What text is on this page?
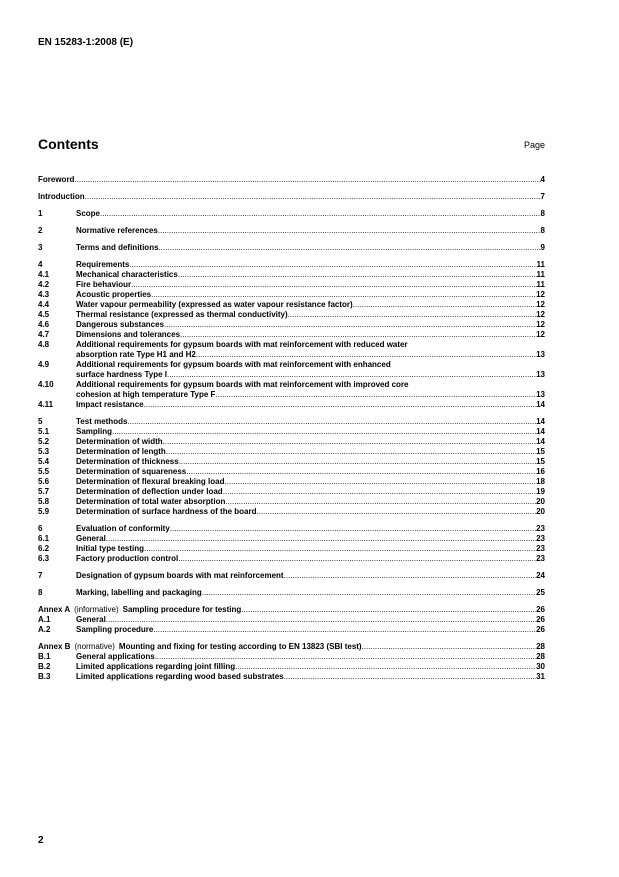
EN 15283-1:2008 (E)
Contents	Page
Foreword .....	4
Introduction .....	7
1	Scope .....	8
2	Normative references .....	8
3	Terms and definitions .....	9
4	Requirements .....	11
4.1	Mechanical characteristics .....	11
4.2	Fire behaviour .....	11
4.3	Acoustic properties .....	12
4.4	Water vapour permeability (expressed as water vapour resistance factor) .....	12
4.5	Thermal resistance (expressed as thermal conductivity) .....	12
4.6	Dangerous substances .....	12
4.7	Dimensions and tolerances .....	12
4.8	Additional requirements for gypsum boards with mat reinforcement with reduced water
absorption rate Type H1 and H2 .....	13
4.9	Additional requirements for gypsum boards with mat reinforcement with enhanced
surface hardness Type I .....	13
4.10	Additional requirements for gypsum boards with mat reinforcement with improved core
cohesion at high temperature Type F .....	13
4.11	Impact resistance .....	14
5	Test methods .....	14
5.1	Sampling .....	14
5.2	Determination of width .....	14
5.3	Determination of length .....	15
5.4	Determination of thickness .....	15
5.5	Determination of squareness .....	16
5.6	Determination of flexural breaking load .....	18
5.7	Determination of deflection under load .....	19
5.8	Determination of total water absorption .....	20
5.9	Determination of surface hardness of the board .....	20
6	Evaluation of conformity .....	23
6.1	General .....	23
6.2	Initial type testing .....	23
6.3	Factory production control .....	23
7	Designation of gypsum boards with mat reinforcement .....	24
8	Marking, labelling and packaging .....	25
Annex A (informative) Sampling procedure for testing .....	26
A.1	General .....	26
A.2	Sampling procedure .....	26
Annex B (normative) Mounting and fixing for testing according to EN 13823 (SBI test) .....	28
B.1	General applications .....	28
B.2	Limited applications regarding joint filling .....	30
B.3	Limited applications regarding wood based substrates .....	31
2
